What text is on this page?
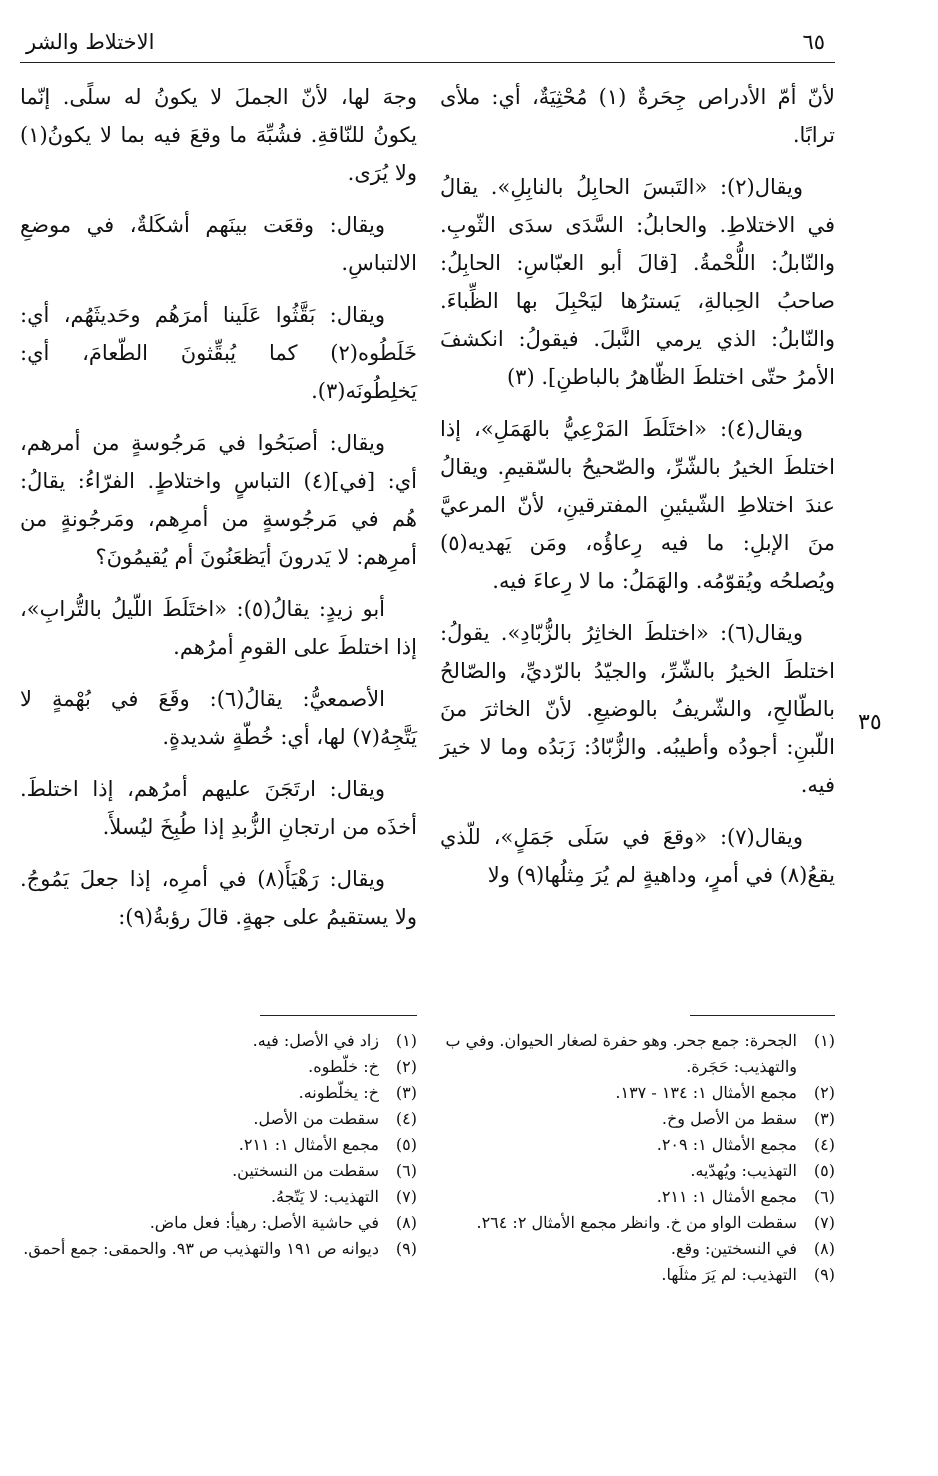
٦٥
الاختلاط والشر
٣٥

لأنّ أمّ الأدراص جِحَرةٌ (١) مُحْثِيَةٌ، أي: ملأى ترابًا.

ويقال(٢): «التَبسَ الحابِلُ بالنابِلِ». يقالُ في الاختلاطِ. والحابلُ: السَّدَى سدَى الثّوبِ. والنّابلُ: اللُّحْمةُ. [قالَ أبو العبّاسِ: الحابِلُ: صاحبُ الحِبالةِ، يَسترُها ليَحْبِلَ بها الظِّباءَ. والنّابلُ: الذي يرمي النَّبلَ. فيقولُ: انكشفَ الأمرُ حتّى اختلطَ الظّاهرُ بالباطنِ]. (٣)

ويقال(٤): «اختَلَطَ المَرْعِيُّ بالهَمَلِ»، إذا اختلطَ الخيرُ بالشّرِّ، والصّحيحُ بالسّقيمِ. ويقالُ عندَ اختلاطِ الشّيئينِ المفترقينِ، لأنّ المرعيَّ منَ الإبلِ: ما فيه رِعاؤُه، ومَن يَهديه(٥) ويُصلحُه ويُقوّمُه. والهَمَلُ: ما لا رِعاءَ فيه.

ويقال(٦): «اختلطَ الخاثِرُ بالزُّبّادِ». يقولُ: اختلطَ الخيرُ بالشّرِّ، والجيّدُ بالرّديِّ، والصّالحُ بالطّالحِ، والشّريفُ بالوضيعِ. لأنّ الخاثرَ منَ اللّبنِ: أجودُه وأطيبُه. والزُّبّادُ: زَبَدُه وما لا خيرَ فيه.

ويقال(٧): «وقعَ في سَلَى جَمَلٍ»، للّذي يقعُ(٨) في أمرٍ، وداهيةٍ لم يُرَ مِثلُها(٩) ولا

وجهَ لها، لأنّ الجملَ لا يكونُ له سلًى. إنّما يكونُ للنّاقةِ. فشُبِّهَ ما وقعَ فيه بما لا يكونُ(١) ولا يُرَى.

ويقال: وقعَت بينَهم أشكَلةٌ، في موضعِ الالتباسِ.

ويقال: بَقَّثُوا عَلَينا أمرَهُم وحَديثَهُم، أي: خَلَطُوه(٢) كما يُبقِّثونَ الطّعامَ، أي: يَخلِطُونَه(٣).

ويقال: أصبَحُوا في مَرجُوسةٍ من أمرهم، أي: [في](٤) التباسٍ واختلاطٍ. الفرّاءُ: يقالُ: هُم في مَرجُوسةٍ من أمرِهم، ومَرجُونةٍ من أمرِهم: لا يَدرونَ أيَظعَنُونَ أم يُقيمُونَ؟

أبو زيدٍ: يقالُ(٥): «اختَلَطَ اللّيلُ بالتُّرابِ»، إذا اختلطَ على القومِ أمرُهم.

الأصمعيُّ: يقالُ(٦): وقَعَ في بُهْمةٍ لا يَتَّجِهُ(٧) لها، أي: خُطّةٍ شديدةٍ.

ويقال: ارتَجَنَ عليهم أمرُهم، إذا اختلطَ. أخذَه من ارتجانِ الزُّبدِ إذا طُبِخَ ليُسلأَ.

ويقال: رَهْيَأَ(٨) في أمرِه، إذا جعلَ يَمُوجُ. ولا يستقيمُ على جهةٍ. قالَ رؤبةُ(٩):

(١)
الجحرة: جمع جحر. وهو حفرة لصغار الحيوان. وفي ب والتهذيب: حَجَرة.
(٢)
مجمع الأمثال ١: ١٣٤ - ١٣٧.
(٣)
سقط من الأصل وخ.
(٤)
مجمع الأمثال ١: ٢٠٩.
(٥)
التهذيب: ويُهدّيه.
(٦)
مجمع الأمثال ١: ٢١١.
(٧)
سقطت الواو من خ. وانظر مجمع الأمثال ٢: ٢٦٤.
(٨)
في النسختين: وقع.
(٩)
التهذيب: لم يَرَ مثلَها.
(١)
زاد في الأصل: فيه.
(٢)
خ: خلّطوه.
(٣)
خ: يخلّطونه.
(٤)
سقطت من الأصل.
(٥)
مجمع الأمثال ١: ٢١١.
(٦)
سقطت من النسختين.
(٧)
التهذيب: لا يَتّجهُ.
(٨)
في حاشية الأصل: رهيأ: فعل ماض.
(٩)
ديوانه ص ١٩١ والتهذيب ص ٩٣. والحمقى: جمع أحمق.
